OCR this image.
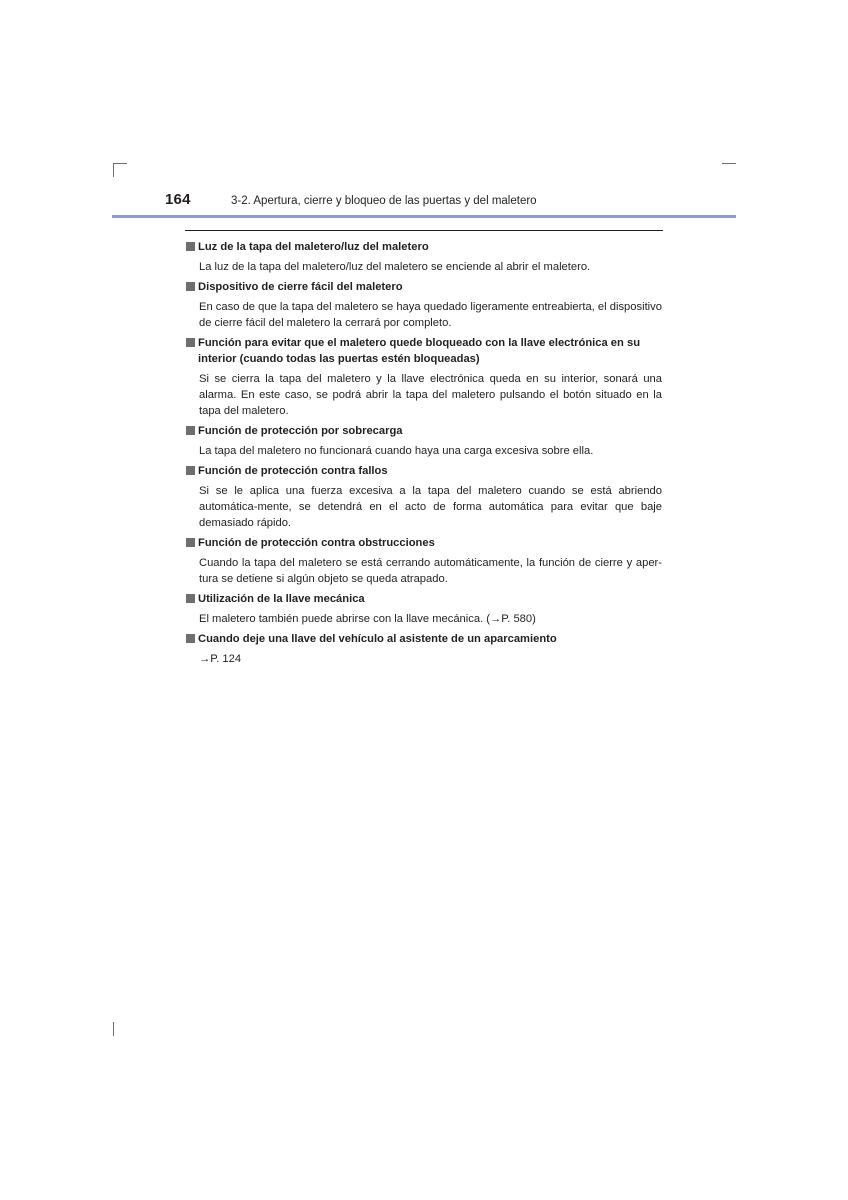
164	3-2. Apertura, cierre y bloqueo de las puertas y del maletero
Luz de la tapa del maletero/luz del maletero
La luz de la tapa del maletero/luz del maletero se enciende al abrir el maletero.
Dispositivo de cierre fácil del maletero
En caso de que la tapa del maletero se haya quedado ligeramente entreabierta, el dispositivo de cierre fácil del maletero la cerrará por completo.
Función para evitar que el maletero quede bloqueado con la llave electrónica en su interior (cuando todas las puertas estén bloqueadas)
Si se cierra la tapa del maletero y la llave electrónica queda en su interior, sonará una alarma. En este caso, se podrá abrir la tapa del maletero pulsando el botón situado en la tapa del maletero.
Función de protección por sobrecarga
La tapa del maletero no funcionará cuando haya una carga excesiva sobre ella.
Función de protección contra fallos
Si se le aplica una fuerza excesiva a la tapa del maletero cuando se está abriendo automática-mente, se detendrá en el acto de forma automática para evitar que baje demasiado rápido.
Función de protección contra obstrucciones
Cuando la tapa del maletero se está cerrando automáticamente, la función de cierre y aper-tura se detiene si algún objeto se queda atrapado.
Utilización de la llave mecánica
El maletero también puede abrirse con la llave mecánica. (→P. 580)
Cuando deje una llave del vehículo al asistente de un aparcamiento
→P. 124
